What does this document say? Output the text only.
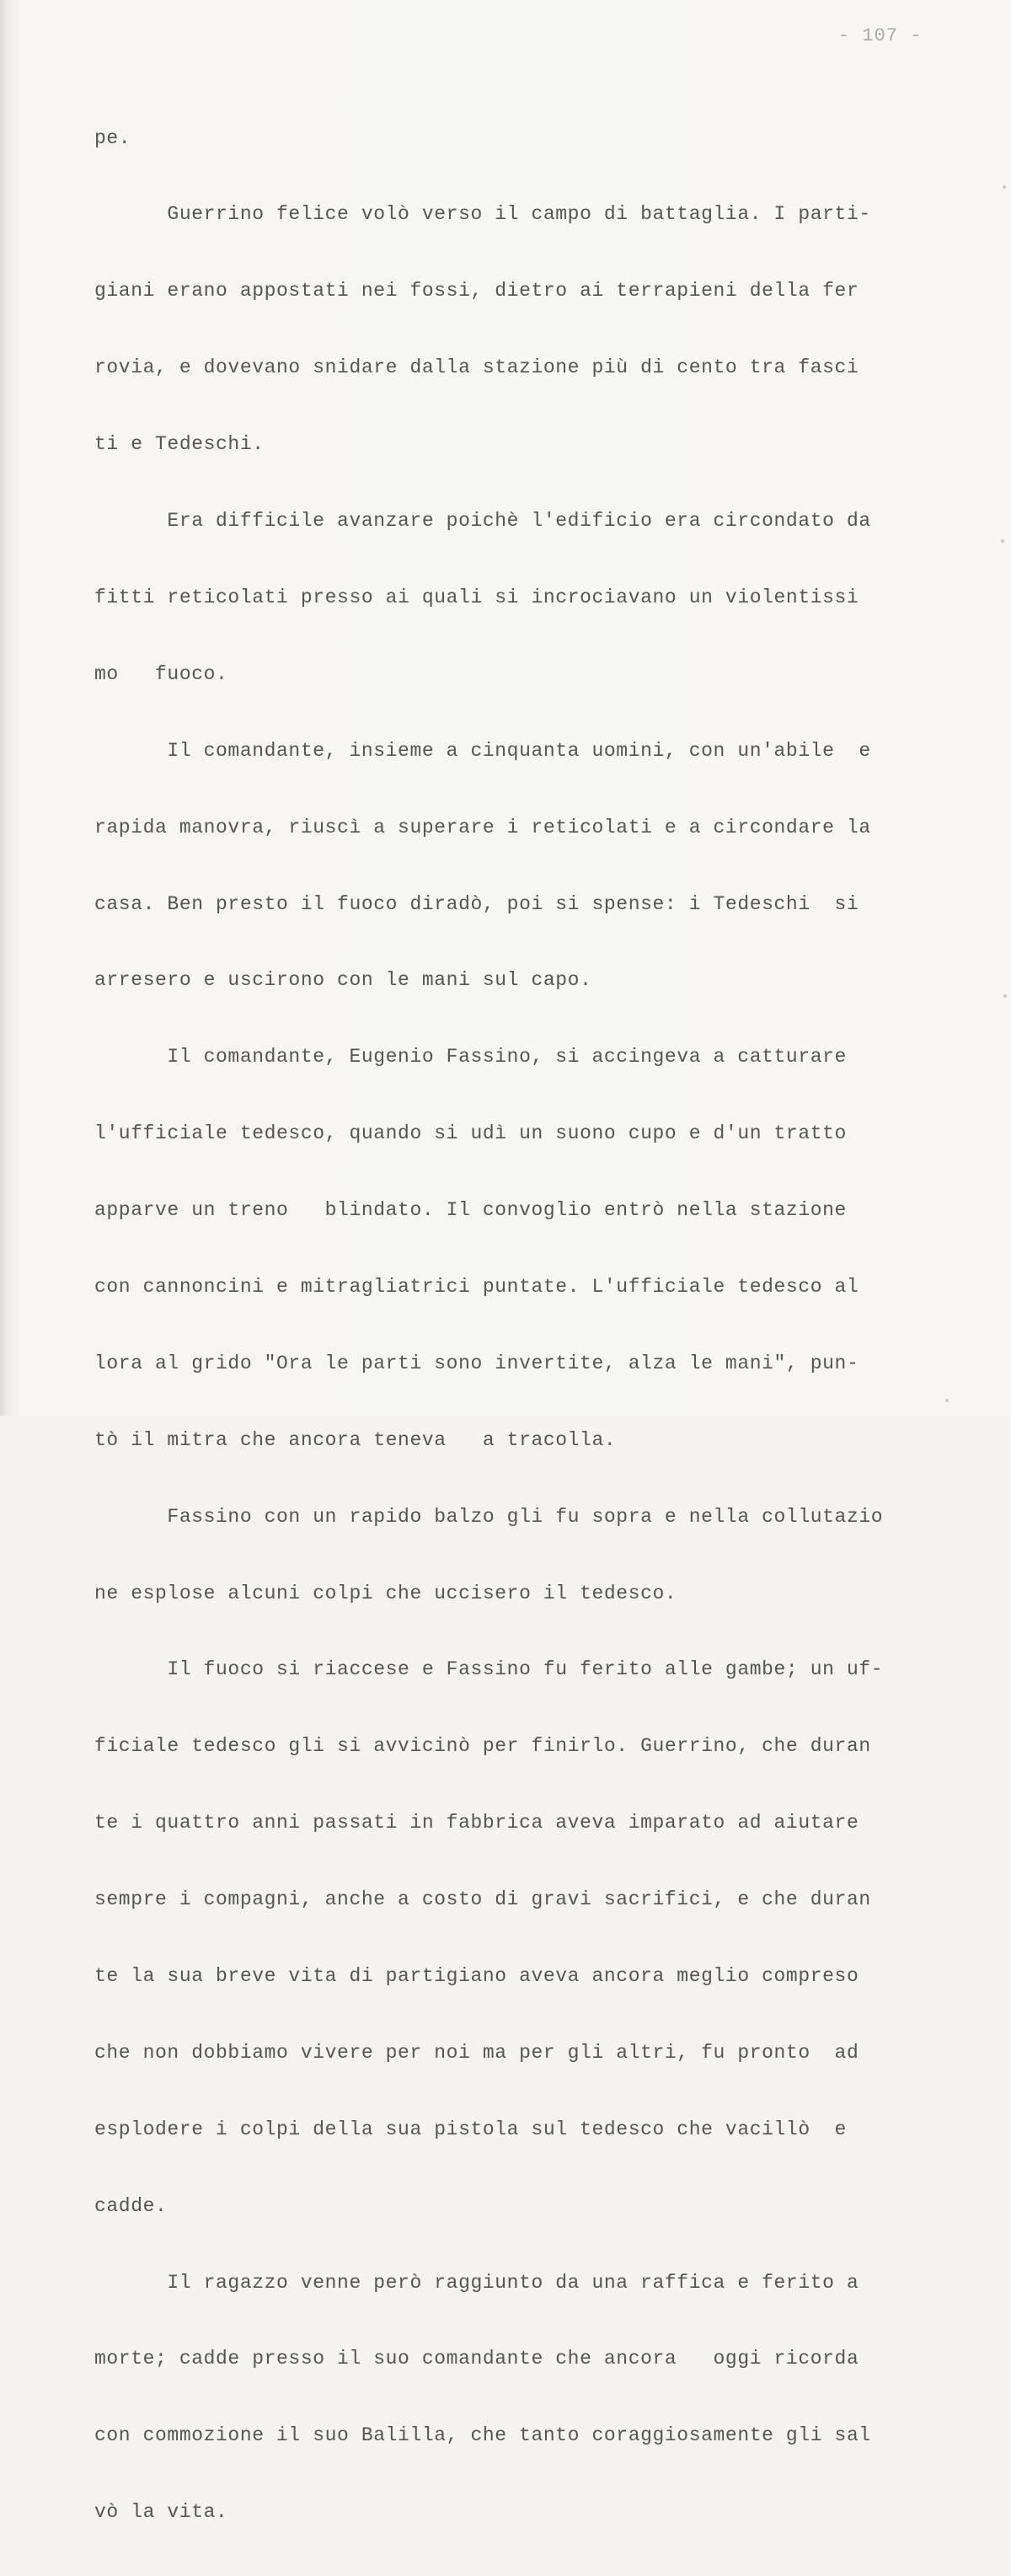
- 107 -

pe.

Guerrino felice volò verso il campo di battaglia. I parti-

giani erano appostati nei fossi, dietro ai terrapieni della fer

rovia, e dovevano snidare dalla stazione più di cento tra fasci

ti e Tedeschi.

Era difficile avanzare poichè l'edificio era circondato da

fitti reticolati presso ai quali si incrociavano un violentissi

mo   fuoco.

Il comandante, insieme a cinquanta uomini, con un'abile  e

rapida manovra, riuscì a superare i reticolati e a circondare la

casa. Ben presto il fuoco diradò, poi si spense: i Tedeschi  si

arresero e uscirono con le mani sul capo.

Il comandante, Eugenio Fassino, si accingeva a catturare

l'ufficiale tedesco, quando si udì un suono cupo e d'un tratto

apparve un treno   blindato. Il convoglio entrò nella stazione

con cannoncini e mitragliatrici puntate. L'ufficiale tedesco al

lora al grido "Ora le parti sono invertite, alza le mani", pun-

tò il mitra che ancora teneva   a tracolla.

Fassino con un rapido balzo gli fu sopra e nella collutazio

ne esplose alcuni colpi che uccisero il tedesco.

Il fuoco si riaccese e Fassino fu ferito alle gambe; un uf-

ficiale tedesco gli si avvicinò per finirlo. Guerrino, che duran

te i quattro anni passati in fabbrica aveva imparato ad aiutare

sempre i compagni, anche a costo di gravi sacrifici, e che duran

te la sua breve vita di partigiano aveva ancora meglio compreso

che non dobbiamo vivere per noi ma per gli altri, fu pronto  ad

esplodere i colpi della sua pistola sul tedesco che vacillò  e

cadde.

Il ragazzo venne però raggiunto da una raffica e ferito a

morte; cadde presso il suo comandante che ancora   oggi ricorda

con commozione il suo Balilla, che tanto coraggiosamente gli sal

vò la vita.
